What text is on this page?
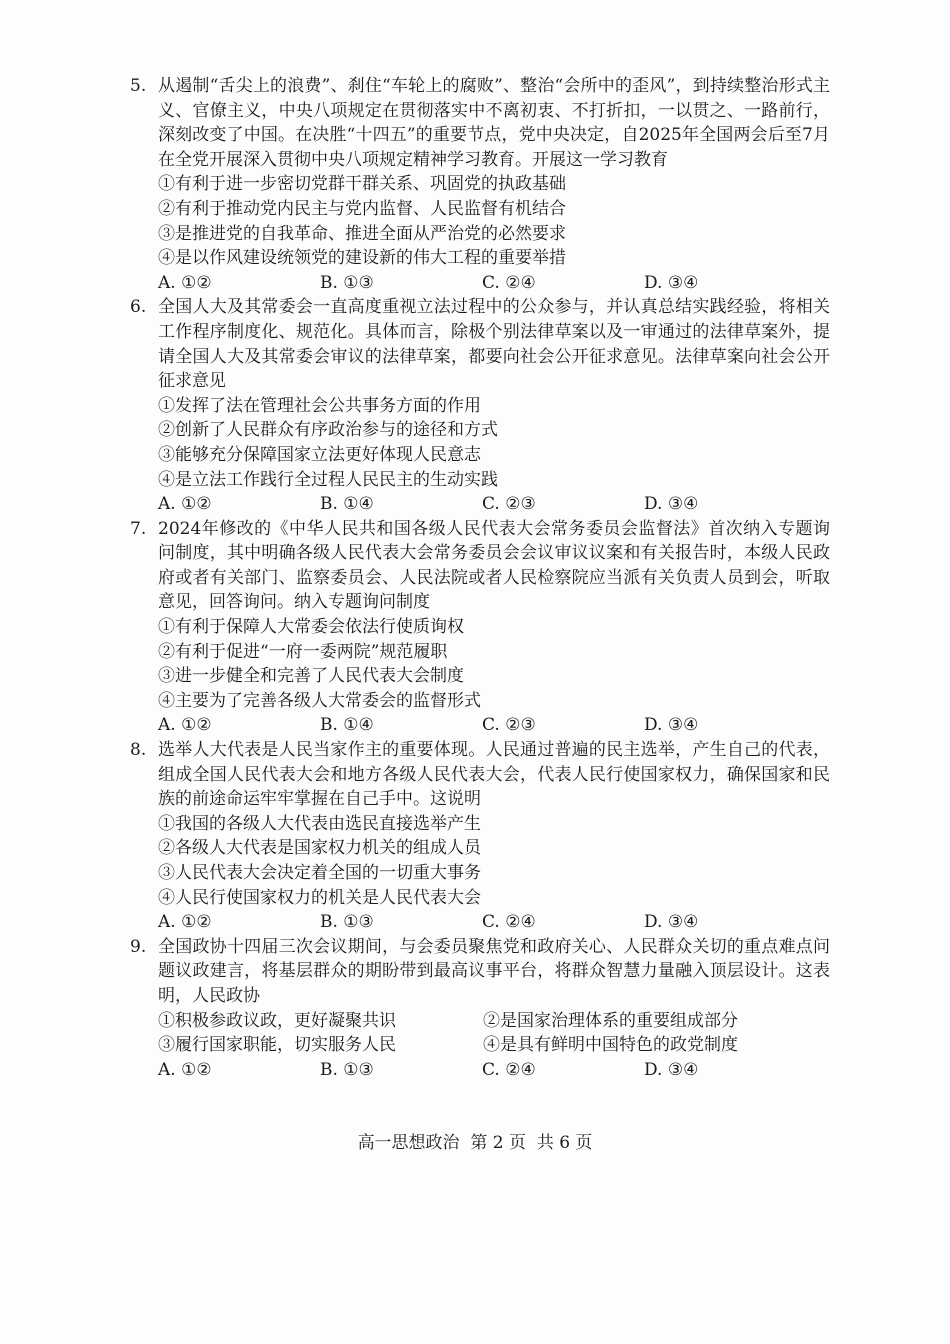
5. 从遏制“舌尖上的浪费”、刹住“车轮上的腐败”、整治“会所中的歪风”，到持续整治形式主义、官僚主义，中央八项规定在贯彻落实中不离初衷、不打折扣，一以贯之、一路前行，深刻改变了中国。在决胜“十四五”的重要节点，党中央决定，自2025年全国两会后至7月在全党开展深入贯彻中央八项规定精神学习教育。开展这一学习教育
①有利于进一步密切党群干群关系、巩固党的执政基础
②有利于推动党内民主与党内监督、人民监督有机结合
③是推进党的自我革命、推进全面从严治党的必然要求
④是以作风建设统领党的建设新的伟大工程的重要举措
A. ①②	B. ①③	C. ②④	D. ③④
6. 全国人大及其常委会一直高度重视立法过程中的公众参与，并认真总结实践经验，将相关工作程序制度化、规范化。具体而言，除极个别法律草案以及一审通过的法律草案外，提请全国人大及其常委会审议的法律草案，都要向社会公开征求意见。法律草案向社会公开征求意见
①发挥了法在管理社会公共事务方面的作用
②创新了人民群众有序政治参与的途径和方式
③能够充分保障国家立法更好体现人民意志
④是立法工作践行全过程人民民主的生动实践
A. ①②	B. ①④	C. ②③	D. ③④
7. 2024年修改的《中华人民共和国各级人民代表大会常务委员会监督法》首次纳入专题询问制度，其中明确各级人民代表大会常务委员会会议审议议案和有关报告时，本级人民政府或者有关部门、监察委员会、人民法院或者人民检察院应当派有关负责人员到会，听取意见，回答询问。纳入专题询问制度
①有利于保障人大常委会依法行使质询权
②有利于促进“一府一委两院”规范履职
③进一步健全和完善了人民代表大会制度
④主要为了完善各级人大常委会的监督形式
A. ①②	B. ①④	C. ②③	D. ③④
8. 选举人大代表是人民当家作主的重要体现。人民通过普遍的民主选举，产生自己的代表，组成全国人民代表大会和地方各级人民代表大会，代表人民行使国家权力，确保国家和民族的前途命运牢牢掌握在自己手中。这说明
①我国的各级人大代表由选民直接选举产生
②各级人大代表是国家权力机关的组成人员
③人民代表大会决定着全国的一切重大事务
④人民行使国家权力的机关是人民代表大会
A. ①②	B. ①③	C. ②④	D. ③④
9. 全国政协十四届三次会议期间，与会委员聚焦党和政府关心、人民群众关切的重点难点问题议政建言，将基层群众的期盼带到最高议事平台，将群众智慧力量融入顶层设计。这表明，人民政协
①积极参政议政，更好凝聚共识	②是国家治理体系的重要组成部分
③履行国家职能，切实服务人民	④是具有鲜明中国特色的政党制度
A. ①②	B. ①③	C. ②④	D. ③④
高一思想政治 第 2 页 共 6 页
